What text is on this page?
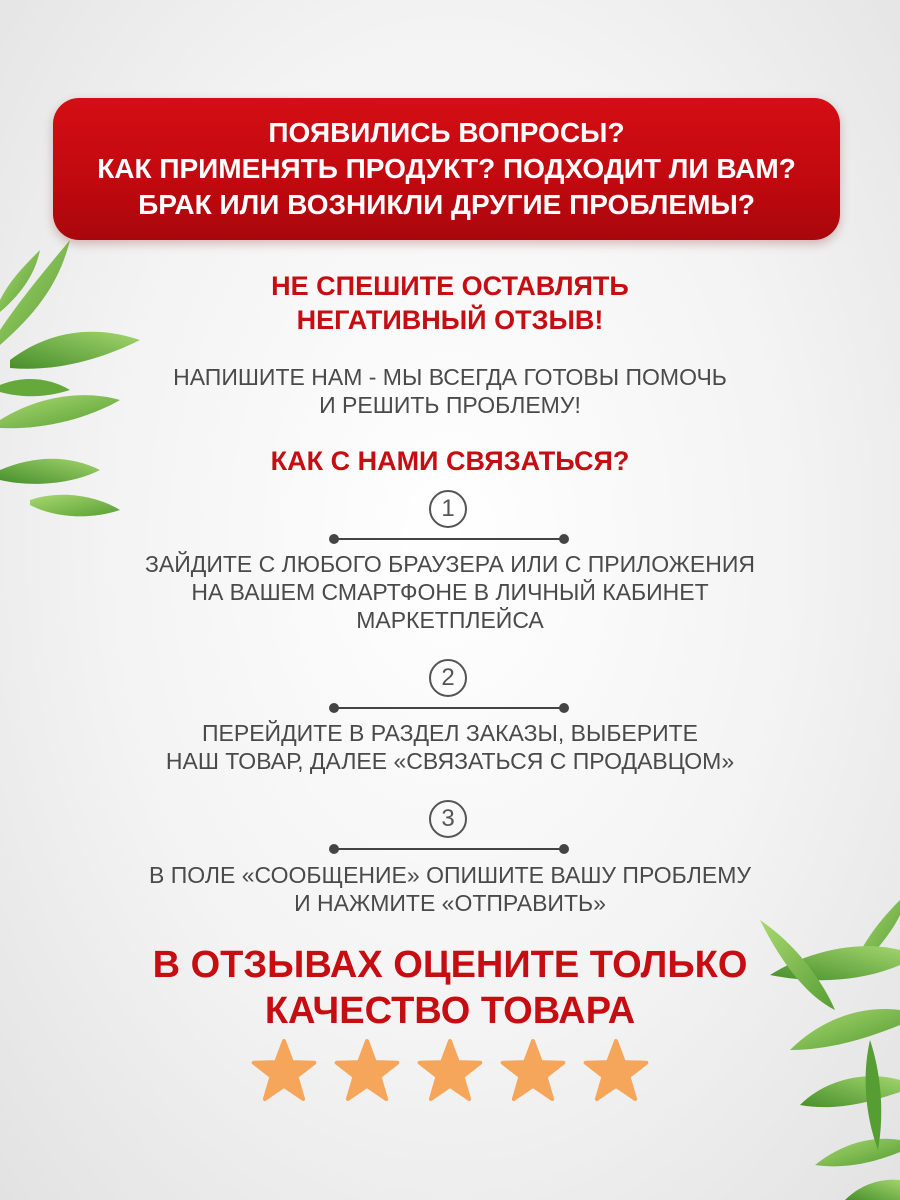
ПОЯВИЛИСЬ ВОПРОСЫ?
КАК ПРИМЕНЯТЬ ПРОДУКТ? ПОДХОДИТ ЛИ ВАМ?
БРАК ИЛИ ВОЗНИКЛИ ДРУГИЕ ПРОБЛЕМЫ?
НЕ СПЕШИТЕ ОСТАВЛЯТЬ
НЕГАТИВНЫЙ ОТЗЫВ!
НАПИШИТЕ НАМ - МЫ ВСЕГДА ГОТОВЫ ПОМОЧЬ
И РЕШИТЬ ПРОБЛЕМУ!
КАК С НАМИ СВЯЗАТЬСЯ?
1
ЗАЙДИТЕ С ЛЮБОГО БРАУЗЕРА ИЛИ С ПРИЛОЖЕНИЯ
НА ВАШЕМ СМАРТФОНЕ В ЛИЧНЫЙ КАБИНЕТ
МАРКЕТПЛЕЙСА
2
ПЕРЕЙДИТЕ В РАЗДЕЛ ЗАКАЗЫ, ВЫБЕРИТЕ
НАШ ТОВАР, ДАЛЕЕ «СВЯЗАТЬСЯ С ПРОДАВЦОМ»
3
В ПОЛЕ «СООБЩЕНИЕ» ОПИШИТЕ ВАШУ ПРОБЛЕМУ
И НАЖМИТЕ «ОТПРАВИТЬ»
В ОТЗЫВАХ ОЦЕНИТЕ ТОЛЬКО
КАЧЕСТВО ТОВАРА
